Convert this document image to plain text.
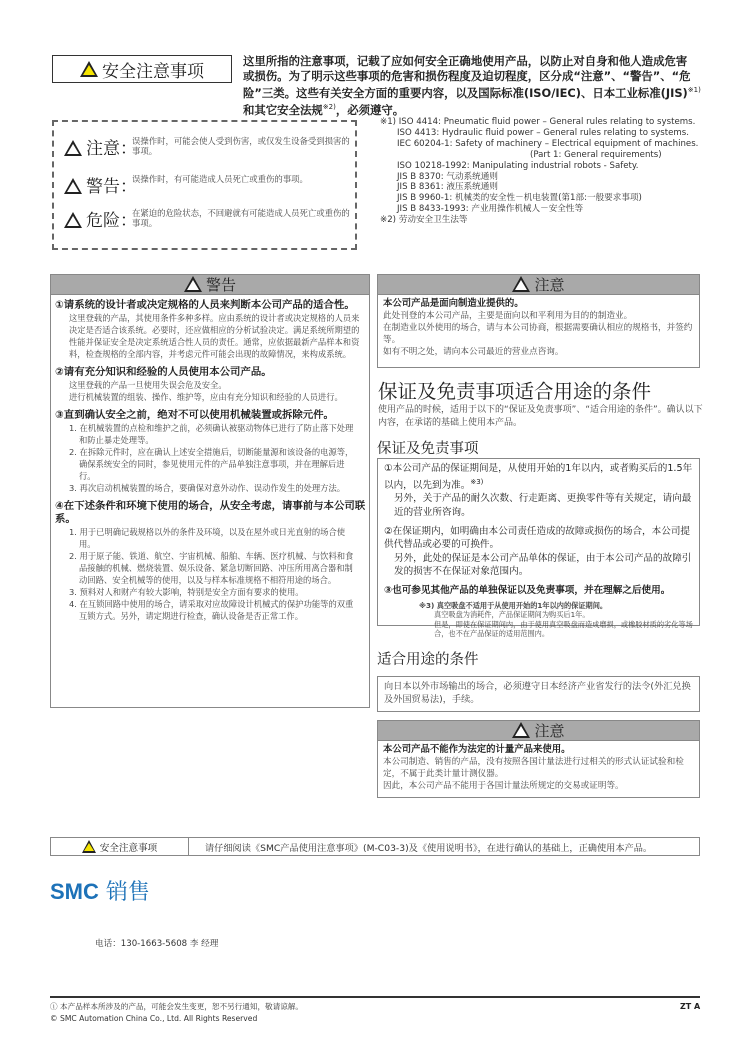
安全注意事项
这里所指的注意事项，记载了应如何安全正确地使用产品，以防止对自身和他人造成危害
或损伤。为了明示这些事项的危害和损伤程度及迫切程度，区分成“注意”、“警告”、“危
险”三类。这些有关安全方面的重要内容，以及国际标准(ISO/IEC)、日本工业标准(JIS)$^{※1)}$
和其它安全法规$^{※2)}$，必须遵守。
注意：
误操作时，可能会使人受到伤害，或仅发生设备受到损害的事项。
警告：
误操作时，有可能造成人员死亡或重伤的事项。
危险：
在紧迫的危险状态，不回避就有可能造成人员死亡或重伤的事项。
※1) ISO 4414: Pneumatic fluid power – General rules relating to systems.
ISO 4413: Hydraulic fluid power – General rules relating to systems.
IEC 60204-1: Safety of machinery – Electrical equipment of machines.
(Part 1: General requirements)
ISO 10218-1992: Manipulating industrial robots - Safety.
JIS B 8370: 气动系统通则
JIS B 8361: 液压系统通则
JIS B 9960-1: 机械类的安全性－机电装置(第1部:一般要求事项)
JIS B 8433-1993: 产业用操作机械人－安全性等
※2) 劳动安全卫生法等
警告
①请系统的设计者或决定规格的人员来判断本公司产品的适合性。
这里登载的产品，其使用条件多种多样。应由系统的设计者或决定规格的人员来决定是否适合该系统。必要时，还应做相应的分析试验决定。满足系统所期望的性能并保证安全是决定系统适合性人员的责任。通常，应依据最新产品样本和资料，检查规格的全部内容，并考虑元件可能会出现的故障情况，来构成系统。
②请有充分知识和经验的人员使用本公司产品。
这里登载的产品一旦使用失误会危及安全。
进行机械装置的组装、操作、维护等，应由有充分知识和经验的人员进行。
③直到确认安全之前，绝对不可以使用机械装置或拆除元件。
1. 在机械装置的点检和维护之前，必须确认被驱动物体已进行了防止落下处理和防止暴走处理等。
2. 在拆除元件时，应在确认上述安全措施后，切断能量源和该设备的电源等，确保系统安全的同时，参见使用元件的产品单独注意事项，并在理解后进行。
3. 再次启动机械装置的场合，要确保对意外动作、误动作发生的处理方法。
④在下述条件和环境下使用的场合，从安全考虑，请事前与本公司联系。
1. 用于已明确记载规格以外的条件及环境，以及在屋外或日光直射的场合使用。
2. 用于原子能、铁道、航空、宇宙机械、船舶、车辆、医疗机械、与饮料和食品接触的机械、燃烧装置、娱乐设备、紧急切断回路、冲压所用离合器和制动回路、安全机械等的使用，以及与样本标准规格不相符用途的场合。
3. 预料对人和财产有较大影响，特别是安全方面有要求的使用。
4. 在互锁回路中使用的场合，请采取对应故障设计机械式的保护功能等的双重互锁方式。另外，请定期进行检查，确认设备是否正常工作。
注意
本公司产品是面向制造业提供的。
此处刊登的本公司产品，主要是面向以和平利用为目的的制造业。
在制造业以外使用的场合，请与本公司协商，根据需要确认相应的规格书，并签约等。
如有不明之处，请向本公司最近的营业点咨询。
保证及免责事项适合用途的条件
使用产品的时候，适用于以下的“保证及免责事项”、“适合用途的条件”。确认以下内容，在承诺的基础上使用本产品。
保证及免责事项
①本公司产品的保证期间是，从使用开始的1年以内，或者购买后的1.5年以内，以先到为准。$^{※3)}$
另外，关于产品的耐久次数、行走距离、更换零件等有关规定，请向最近的营业所咨询。
②在保证期内，如明确由本公司责任造成的故障或损伤的场合，本公司提供代替品或必要的可换件。
另外，此处的保证是本公司产品单体的保证，由于本公司产品的故障引发的损害不在保证对象范围内。
③也可参见其他产品的单独保证以及免责事项，并在理解之后使用。
※3) 真空吸盘不适用于从使用开始的1年以内的保证期间。
真空吸盘为消耗件，产品保证期间为购买后1年。
但是，即使在保证期间内，由于使用真空吸盘而造成磨损，或橡胶材质的劣化等场合，也不在产品保证的适用范围内。
适合用途的条件
向日本以外市场输出的场合，必须遵守日本经济产业省发行的法令(外汇兑换及外国贸易法)，手续。
注意
本公司产品不能作为法定的计量产品来使用。
本公司制造、销售的产品，没有按照各国计量法进行过相关的形式认证试验和检定，不属于此类计量计测仪器。
因此，本公司产品不能用于各国计量法所规定的交易或证明等。
安全注意事项	请仔细阅读《SMC产品使用注意事项》(M-C03-3)及《使用说明书》，在进行确认的基础上，正确使用本产品。
SMC 销售
电话：130-1663-5608 李 经理
ⓘ 本产品样本所涉及的产品，可能会发生变更，恕不另行通知，敬请谅解。
© SMC Automation China Co., Ltd. All Rights Reserved
ZT A
